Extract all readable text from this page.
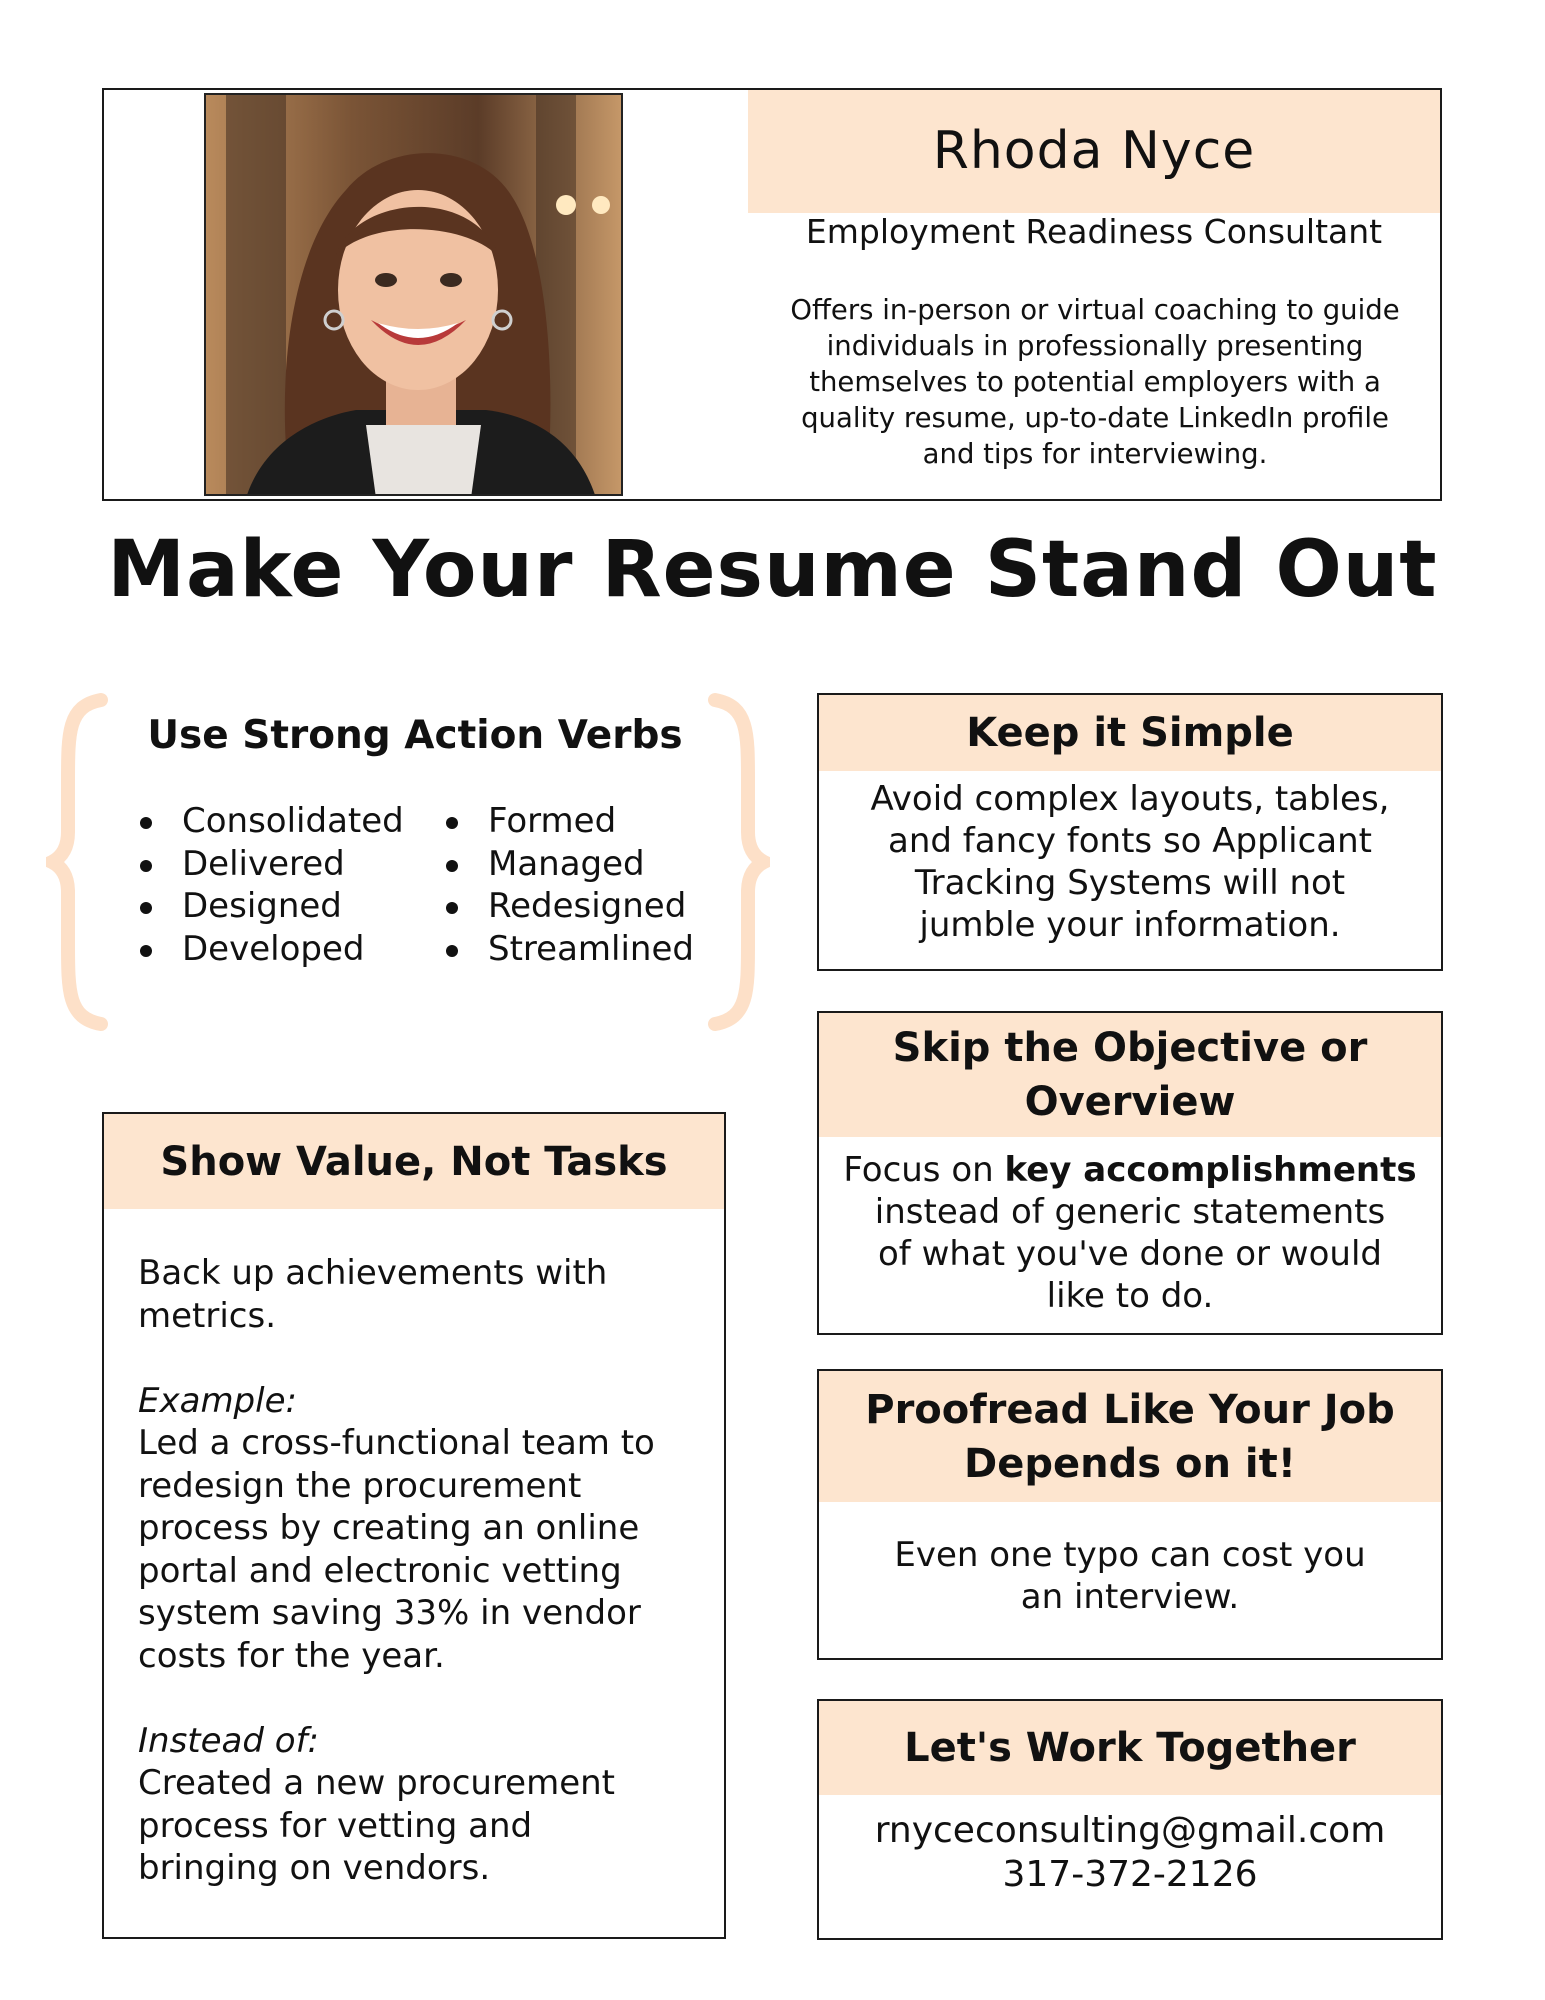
Rhoda Nyce
Employment Readiness Consultant
Offers in-person or virtual coaching to guide
individuals in professionally presenting
themselves to potential employers with a
quality resume, up-to-date LinkedIn profile
and tips for interviewing.
Make Your Resume Stand Out
Use Strong Action Verbs
Consolidated
Delivered
Designed
Developed
Formed
Managed
Redesigned
Streamlined
Keep it Simple
Avoid complex layouts, tables,
and fancy fonts so Applicant
Tracking Systems will not
jumble your information.
Skip the Objective or
Overview
Focus on key accomplishments
instead of generic statements
of what you've done or would
like to do.
Proofread Like Your Job
Depends on it!
Even one typo can cost you
an interview.
Let's Work Together
rnyceconsulting@gmail.com
317-372-2126
Show Value, Not Tasks

Back up achievements with
metrics.

Example:
Led a cross-functional team to
redesign the procurement
process by creating an online
portal and electronic vetting
system saving 33% in vendor
costs for the year.

Instead of:
Created a new procurement
process for vetting and
bringing on vendors.
